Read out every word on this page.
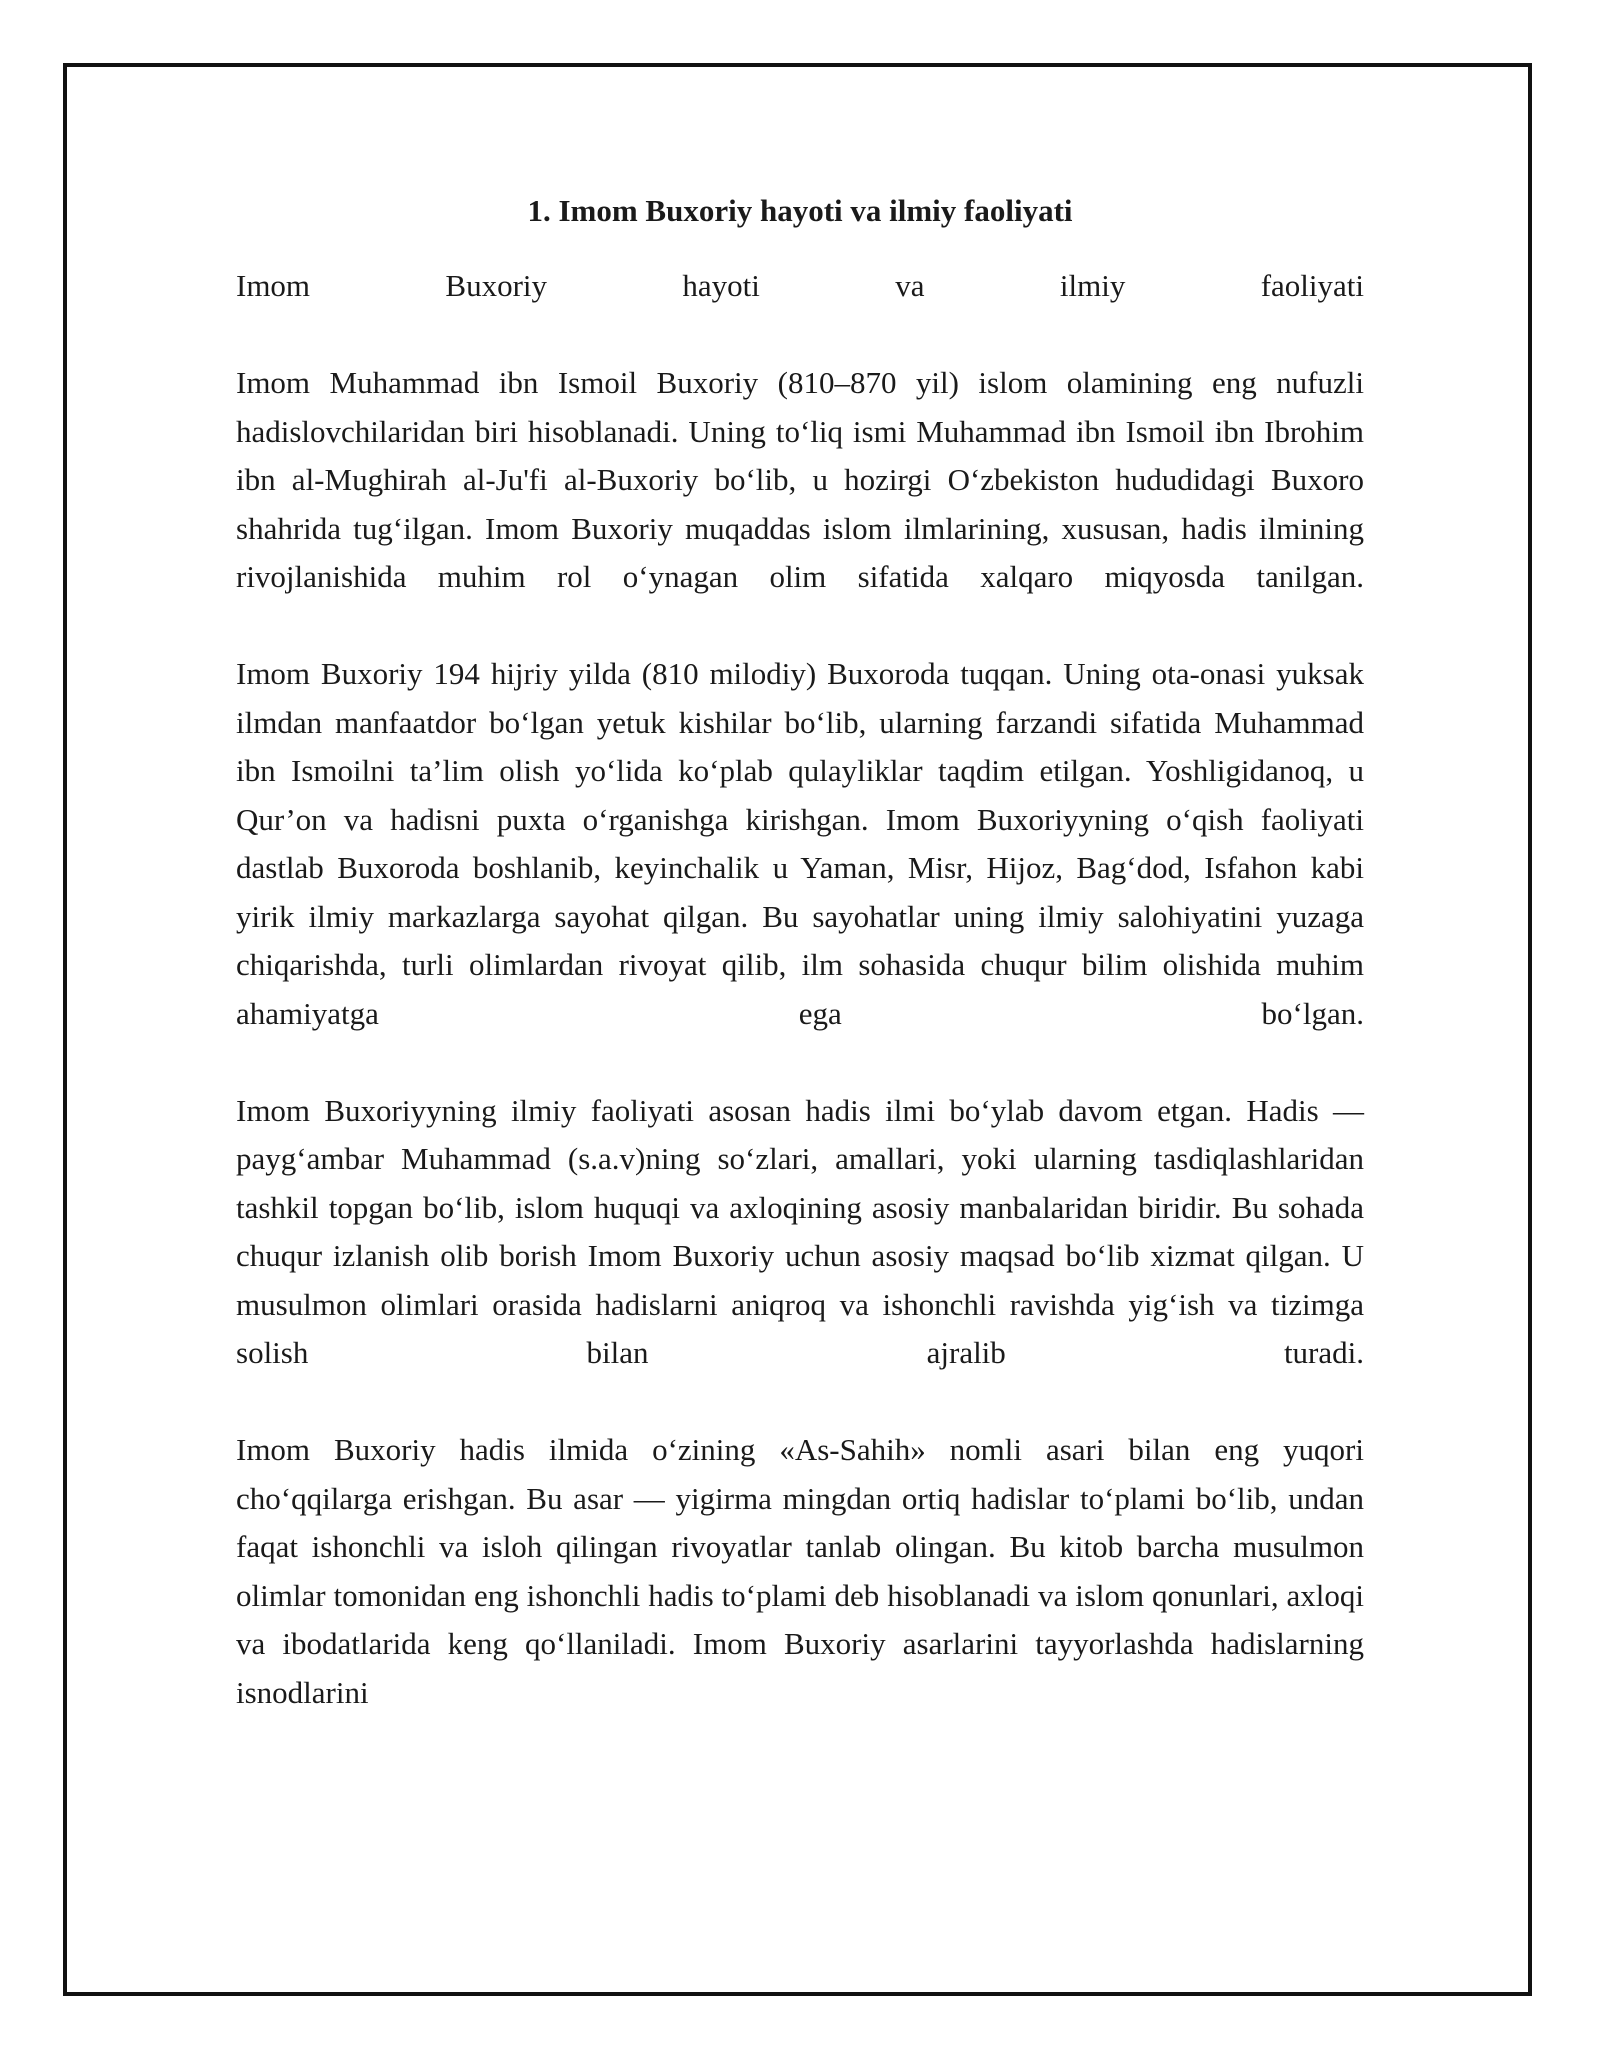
1. Imom Buxoriy hayoti va ilmiy faoliyati

Imom Buxoriy hayoti va ilmiy faoliyati

Imom Muhammad ibn Ismoil Buxoriy (810–870 yil) islom olamining eng nufuzli hadislovchilaridan biri hisoblanadi. Uning to‘liq ismi Muhammad ibn Ismoil ibn Ibrohim ibn al-Mughirah al-Ju'fi al-Buxoriy bo‘lib, u hozirgi O‘zbekiston hududidagi Buxoro shahrida tug‘ilgan. Imom Buxoriy muqaddas islom ilmlarining, xususan, hadis ilmining rivojlanishida muhim rol o‘ynagan olim sifatida xalqaro miqyosda tanilgan.

Imom Buxoriy 194 hijriy yilda (810 milodiy) Buxoroda tuqqan. Uning ota-onasi yuksak ilmdan manfaatdor bo‘lgan yetuk kishilar bo‘lib, ularning farzandi sifatida Muhammad ibn Ismoilni ta’lim olish yo‘lida ko‘plab qulayliklar taqdim etilgan. Yoshligidanoq, u Qur’on va hadisni puxta o‘rganishga kirishgan. Imom Buxoriyyning o‘qish faoliyati dastlab Buxoroda boshlanib, keyinchalik u Yaman, Misr, Hijoz, Bag‘dod, Isfahon kabi yirik ilmiy markazlarga sayohat qilgan. Bu sayohatlar uning ilmiy salohiyatini yuzaga chiqarishda, turli olimlardan rivoyat qilib, ilm sohasida chuqur bilim olishida muhim ahamiyatga ega bo‘lgan.

Imom Buxoriyyning ilmiy faoliyati asosan hadis ilmi bo‘ylab davom etgan. Hadis — payg‘ambar Muhammad (s.a.v)ning so‘zlari, amallari, yoki ularning tasdiqlashlaridan tashkil topgan bo‘lib, islom huquqi va axloqining asosiy manbalaridan biridir. Bu sohada chuqur izlanish olib borish Imom Buxoriy uchun asosiy maqsad bo‘lib xizmat qilgan. U musulmon olimlari orasida hadislarni aniqroq va ishonchli ravishda yig‘ish va tizimga solish bilan ajralib turadi.

Imom Buxoriy hadis ilmida o‘zining «As-Sahih» nomli asari bilan eng yuqori cho‘qqilarga erishgan. Bu asar — yigirma mingdan ortiq hadislar to‘plami bo‘lib, undan faqat ishonchli va isloh qilingan rivoyatlar tanlab olingan. Bu kitob barcha musulmon olimlar tomonidan eng ishonchli hadis to‘plami deb hisoblanadi va islom qonunlari, axloqi va ibodatlarida keng qo‘llaniladi. Imom Buxoriy asarlarini tayyorlashda hadislarning isnodlarini
